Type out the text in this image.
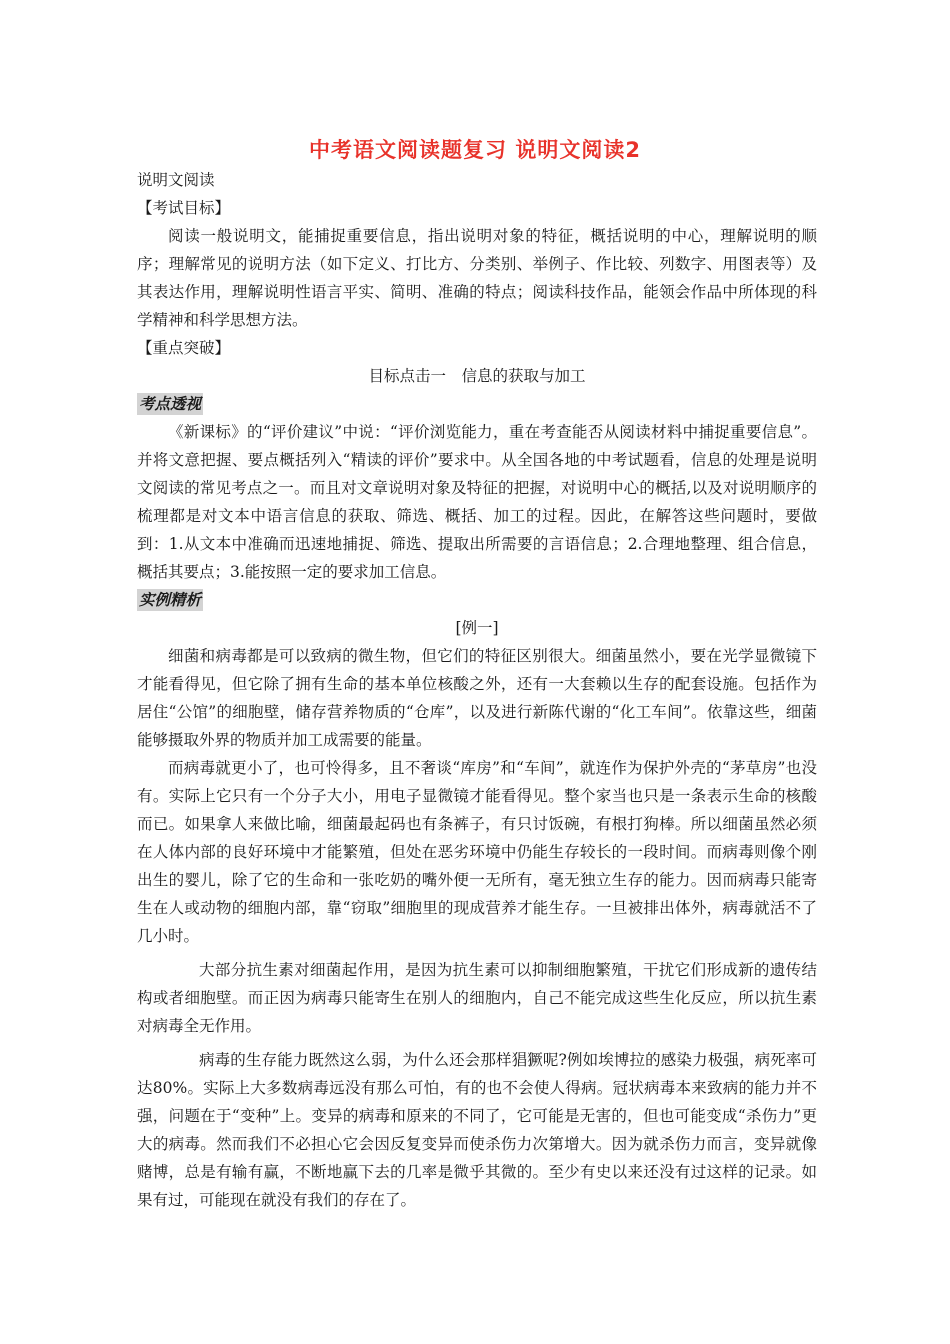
中考语文阅读题复习 说明文阅读2

说明文阅读

【考试目标】

阅读一般说明文，能捕捉重要信息，指出说明对象的特征，概括说明的中心，理解说明的顺序；理解常见的说明方法（如下定义、打比方、分类别、举例子、作比较、列数字、用图表等）及其表达作用，理解说明性语言平实、简明、准确的特点；阅读科技作品，能领会作品中所体现的科学精神和科学思想方法。

【重点突破】

目标点击一　信息的获取与加工

考点透视

《新课标》的“评价建议”中说：“评价浏览能力，重在考查能否从阅读材料中捕捉重要信息”。并将文意把握、要点概括列入“精读的评价”要求中。从全国各地的中考试题看，信息的处理是说明文阅读的常见考点之一。而且对文章说明对象及特征的把握，对说明中心的概括,以及对说明顺序的梳理都是对文本中语言信息的获取、筛选、概括、加工的过程。因此，在解答这些问题时，要做到：1.从文本中准确而迅速地捕捉、筛选、提取出所需要的言语信息；2.合理地整理、组合信息，概括其要点；3.能按照一定的要求加工信息。

实例精析

[例一]

细菌和病毒都是可以致病的微生物，但它们的特征区别很大。细菌虽然小，要在光学显微镜下才能看得见，但它除了拥有生命的基本单位核酸之外，还有一大套赖以生存的配套设施。包括作为居住“公馆”的细胞壁，储存营养物质的“仓库”，以及进行新陈代谢的“化工车间”。依靠这些，细菌能够摄取外界的物质并加工成需要的能量。

而病毒就更小了，也可怜得多，且不奢谈“库房”和“车间”，就连作为保护外壳的“茅草房”也没有。实际上它只有一个分子大小，用电子显微镜才能看得见。整个家当也只是一条表示生命的核酸而已。如果拿人来做比喻，细菌最起码也有条裤子，有只讨饭碗，有根打狗棒。所以细菌虽然必须在人体内部的良好环境中才能繁殖，但处在恶劣环境中仍能生存较长的一段时间。而病毒则像个刚出生的婴儿，除了它的生命和一张吃奶的嘴外便一无所有，毫无独立生存的能力。因而病毒只能寄生在人或动物的细胞内部，靠“窃取”细胞里的现成营养才能生存。一旦被排出体外，病毒就活不了几小时。

大部分抗生素对细菌起作用，是因为抗生素可以抑制细胞繁殖，干扰它们形成新的遗传结构或者细胞壁。而正因为病毒只能寄生在别人的细胞内，自己不能完成这些生化反应，所以抗生素对病毒全无作用。

病毒的生存能力既然这么弱，为什么还会那样猖獗呢?例如埃博拉的感染力极强，病死率可达80%。实际上大多数病毒远没有那么可怕，有的也不会使人得病。冠状病毒本来致病的能力并不强，问题在于“变种”上。变异的病毒和原来的不同了，它可能是无害的，但也可能变成“杀伤力”更大的病毒。然而我们不必担心它会因反复变异而使杀伤力次第增大。因为就杀伤力而言，变异就像赌博，总是有输有赢，不断地赢下去的几率是微乎其微的。至少有史以来还没有过这样的记录。如果有过，可能现在就没有我们的存在了。
